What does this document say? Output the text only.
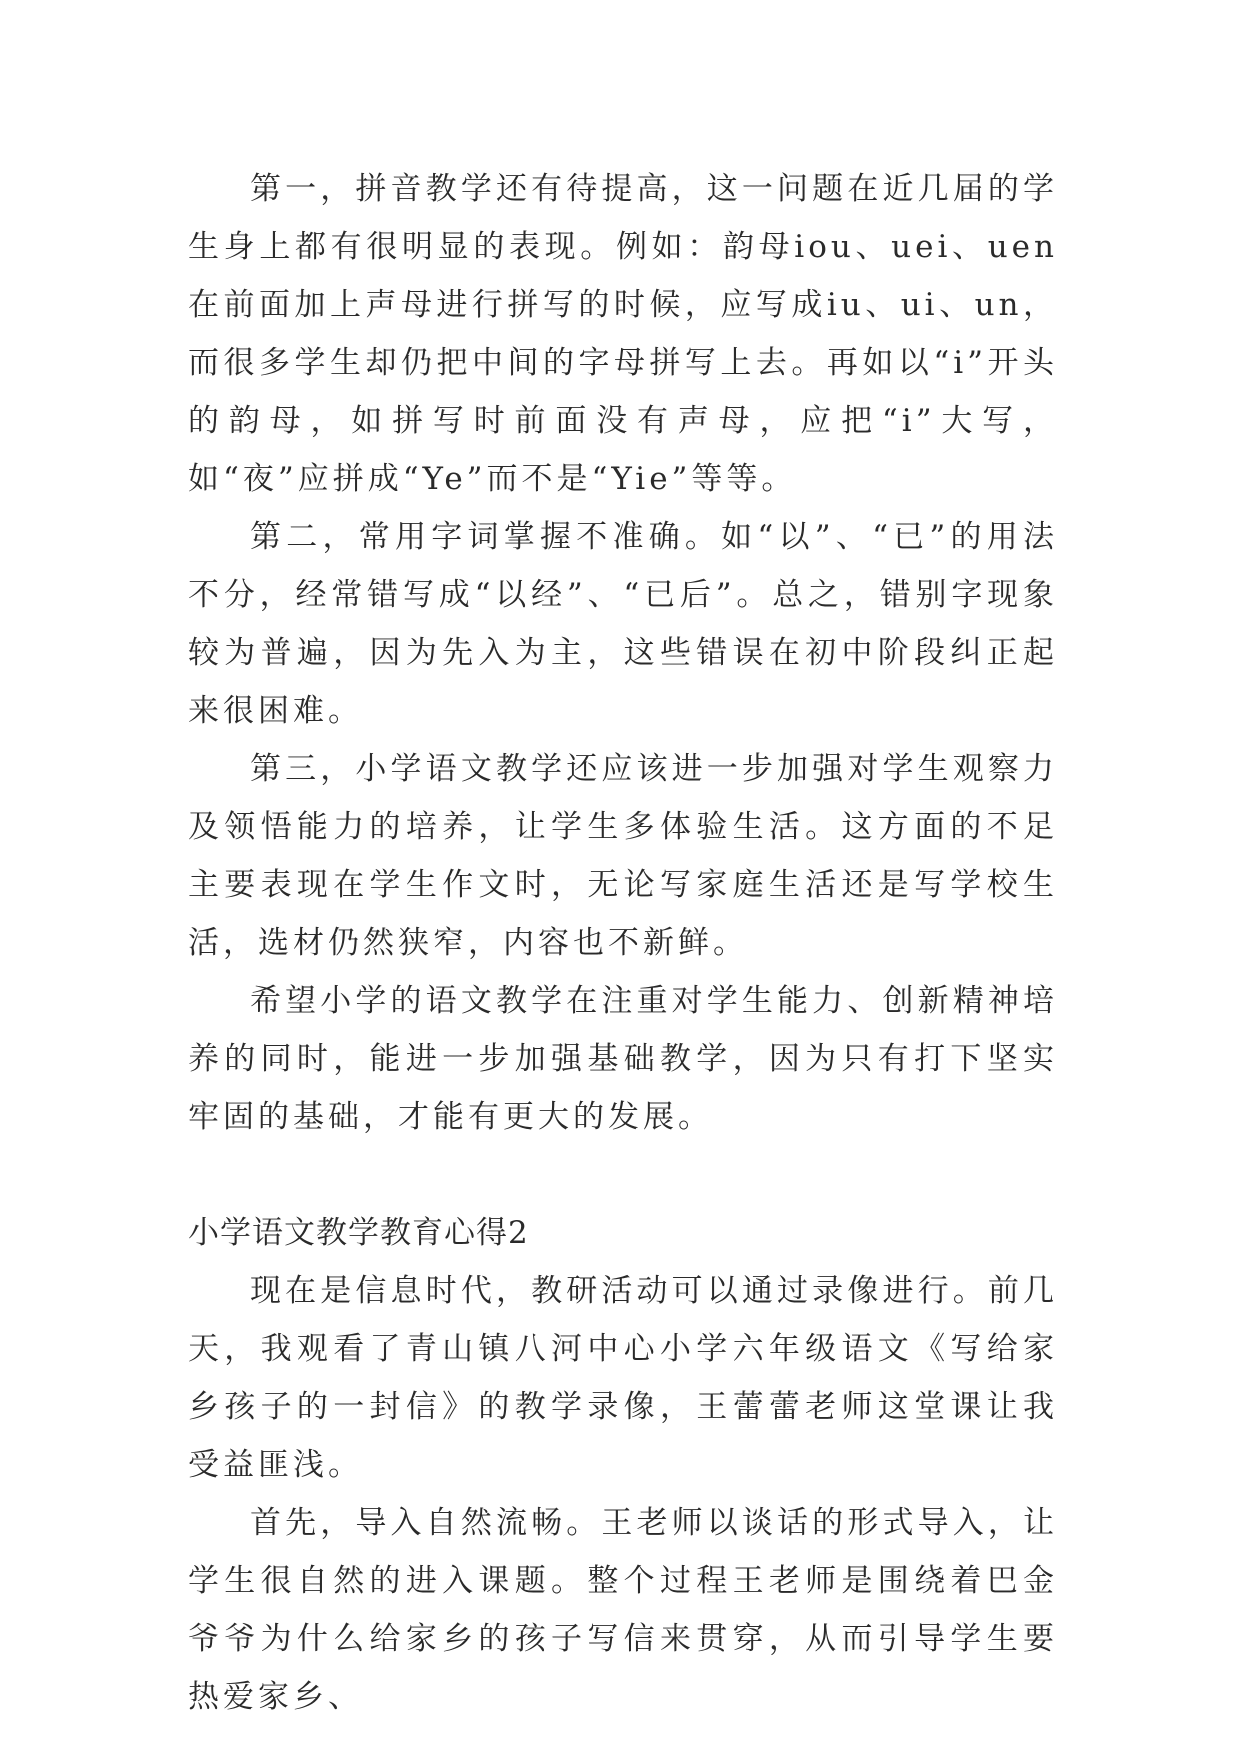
第一，拼音教学还有待提高，这一问题在近几届的学生身上都有很明显的表现。例如：韵母iou、uei、uen在前面加上声母进行拼写的时候，应写成iu、ui、un，而很多学生却仍把中间的字母拼写上去。再如以“i”开头的韵母，如拼写时前面没有声母，应把“i”大写，如“夜”应拼成“Ye”而不是“Yie”等等。

第二，常用字词掌握不准确。如“以”、“已”的用法不分，经常错写成“以经”、“已后”。总之，错别字现象较为普遍，因为先入为主，这些错误在初中阶段纠正起来很困难。

第三，小学语文教学还应该进一步加强对学生观察力及领悟能力的培养，让学生多体验生活。这方面的不足主要表现在学生作文时，无论写家庭生活还是写学校生活，选材仍然狭窄，内容也不新鲜。

希望小学的语文教学在注重对学生能力、创新精神培养的同时，能进一步加强基础教学，因为只有打下坚实牢固的基础，才能有更大的发展。

小学语文教学教育心得2

现在是信息时代，教研活动可以通过录像进行。前几天，我观看了青山镇八河中心小学六年级语文《写给家乡孩子的一封信》的教学录像，王蕾蕾老师这堂课让我受益匪浅。

首先，导入自然流畅。王老师以谈话的形式导入，让学生很自然的进入课题。整个过程王老师是围绕着巴金爷爷为什么给家乡的孩子写信来贯穿，从而引导学生要热爱家乡、
